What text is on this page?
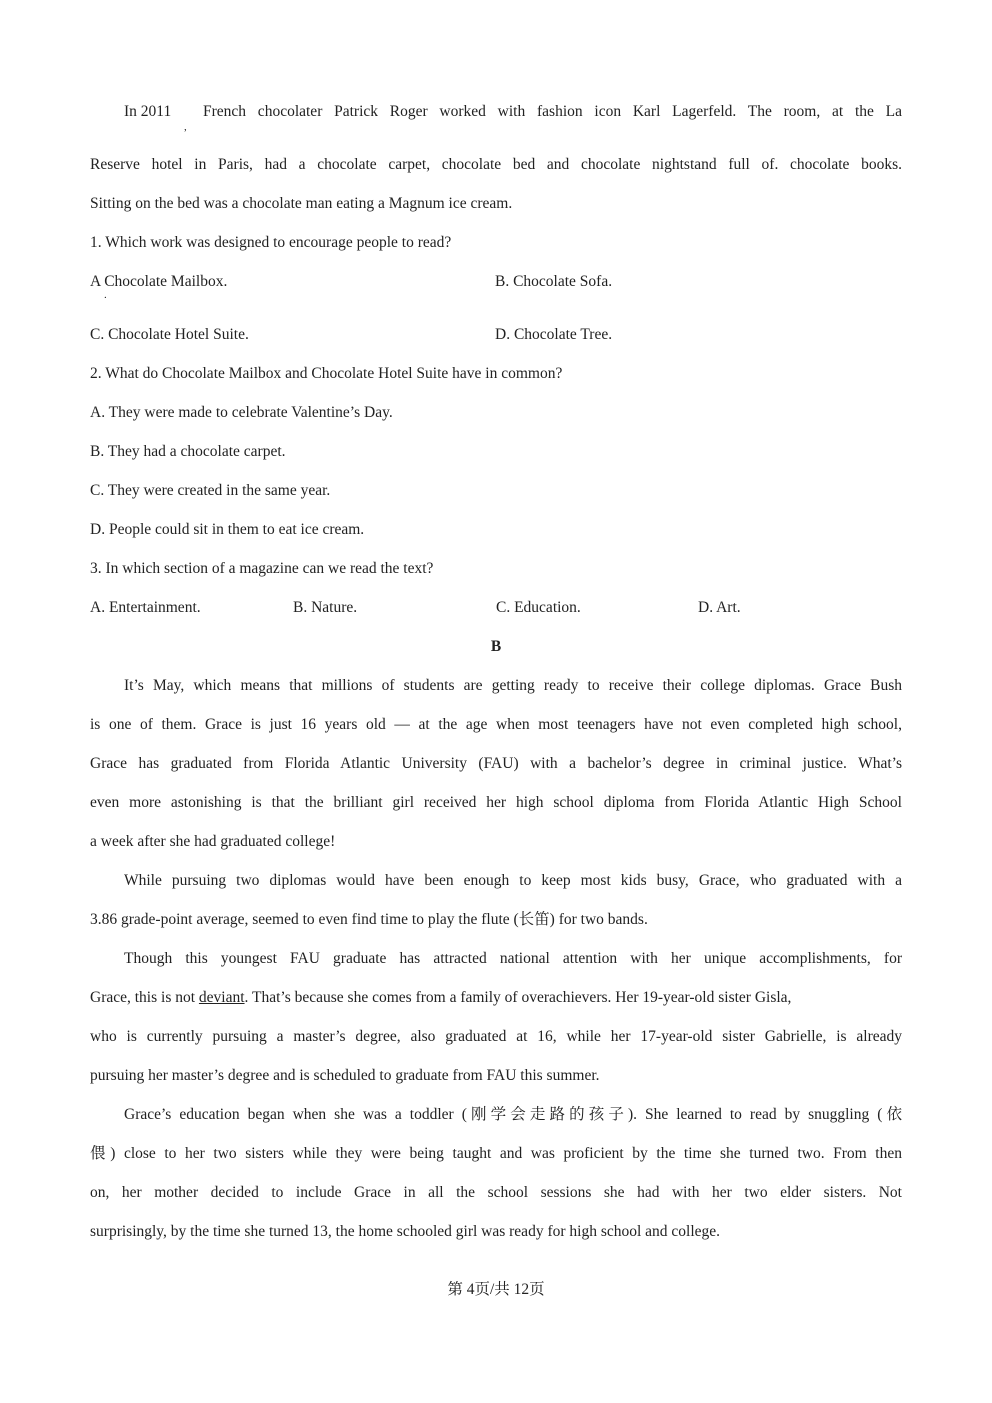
In 2011 French chocolater Patrick Roger worked with fashion icon Karl Lagerfeld. The room, at the La
,
Reserve hotel in Paris, had a chocolate carpet, chocolate bed and chocolate nightstand full of. chocolate books.
Sitting on the bed was a chocolate man eating a Magnum ice cream.
1. Which work was designed to encourage people to read?
A Chocolate Mailbox.
.
B. Chocolate Sofa.
C. Chocolate Hotel Suite.	D. Chocolate Tree.
2. What do Chocolate Mailbox and Chocolate Hotel Suite have in common?
A. They were made to celebrate Valentine’s Day.
B. They had a chocolate carpet.
C. They were created in the same year.
D. People could sit in them to eat ice cream.
3. In which section of a magazine can we read the text?
A. Entertainment.	B. Nature.	C. Education.	D. Art.
B
It’s May, which means that millions of students are getting ready to receive their college diplomas. Grace Bush
is one of them. Grace is just 16 years old — at the age when most teenagers have not even completed high school,
Grace has graduated from Florida Atlantic University (FAU) with a bachelor’s degree in criminal justice. What’s
even more astonishing is that the brilliant girl received her high school diploma from Florida Atlantic High School
a week after she had graduated college!
While pursuing two diplomas would have been enough to keep most kids busy, Grace, who graduated with a
3.86 grade-point average, seemed to even find time to play the flute (长笛) for two bands.
Though this youngest FAU graduate has attracted national attention with her unique accomplishments, for
Grace, this is not deviant. That’s because she comes from a family of overachievers. Her 19-year-old sister Gisla,
who is currently pursuing a master’s degree, also graduated at 16, while her 17-year-old sister Gabrielle, is already
pursuing her master’s degree and is scheduled to graduate from FAU this summer.
Grace’s education began when she was a toddler (刚学会走路的孩子). She learned to read by snuggling (依
偎) close to her two sisters while they were being taught and was proficient by the time she turned two. From then
on, her mother decided to include Grace in all the school sessions she had with her two elder sisters. Not
surprisingly, by the time she turned 13, the home schooled girl was ready for high school and college.
第 4页/共 12页
